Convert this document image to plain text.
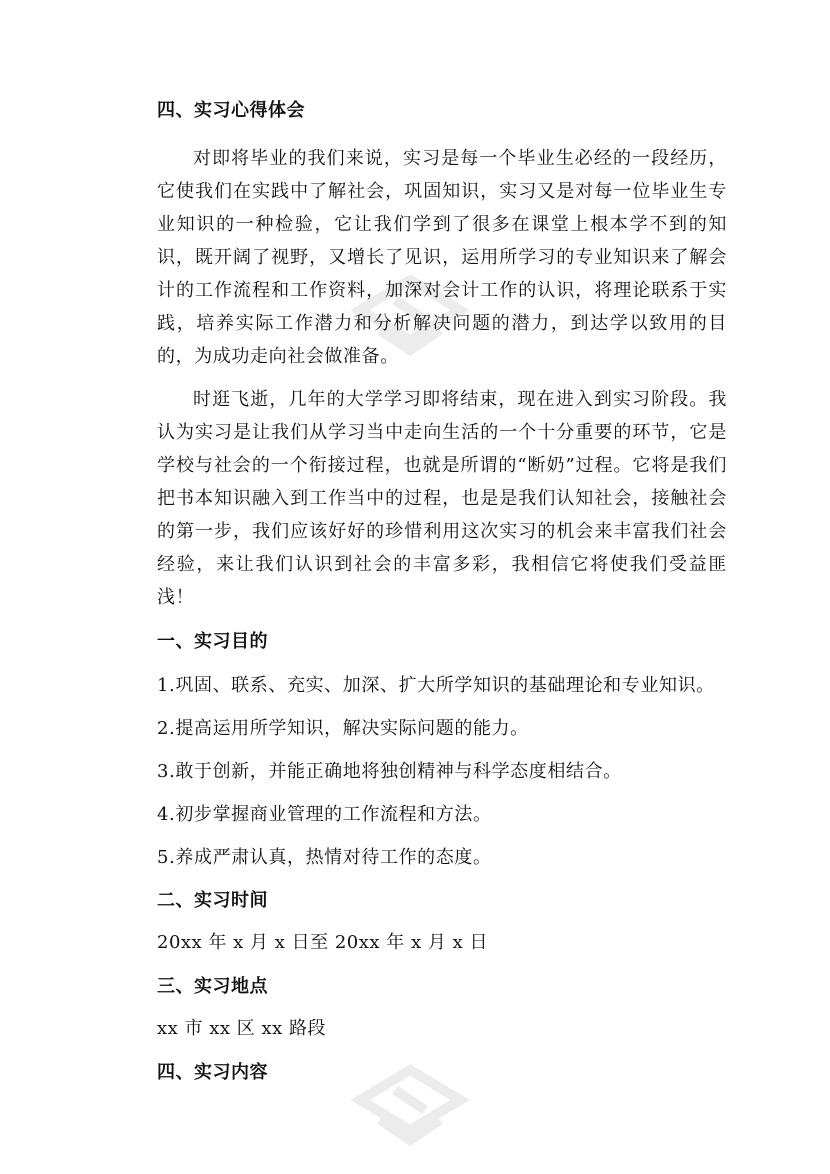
四、实习心得体会

对即将毕业的我们来说，实习是每一个毕业生必经的一段经历，它使我们在实践中了解社会，巩固知识，实习又是对每一位毕业生专业知识的一种检验，它让我们学到了很多在课堂上根本学不到的知识，既开阔了视野，又增长了见识，运用所学习的专业知识来了解会计的工作流程和工作资料，加深对会计工作的认识，将理论联系于实践，培养实际工作潜力和分析解决问题的潜力，到达学以致用的目的，为成功走向社会做准备。

时逛飞逝，几年的大学学习即将结束，现在进入到实习阶段。我认为实习是让我们从学习当中走向生活的一个十分重要的环节，它是学校与社会的一个衔接过程，也就是所谓的“断奶”过程。它将是我们把书本知识融入到工作当中的过程，也是是我们认知社会，接触社会的第一步，我们应该好好的珍惜利用这次实习的机会来丰富我们社会经验，来让我们认识到社会的丰富多彩，我相信它将使我们受益匪浅！

一、实习目的

1.巩固、联系、充实、加深、扩大所学知识的基础理论和专业知识。

2.提高运用所学知识，解决实际问题的能力。

3.敢于创新，并能正确地将独创精神与科学态度相结合。

4.初步掌握商业管理的工作流程和方法。

5.养成严肃认真，热情对待工作的态度。

二、实习时间

20xx 年 x 月 x 日至 20xx 年 x 月 x 日

三、实习地点

xx 市 xx 区 xx 路段

四、实习内容
